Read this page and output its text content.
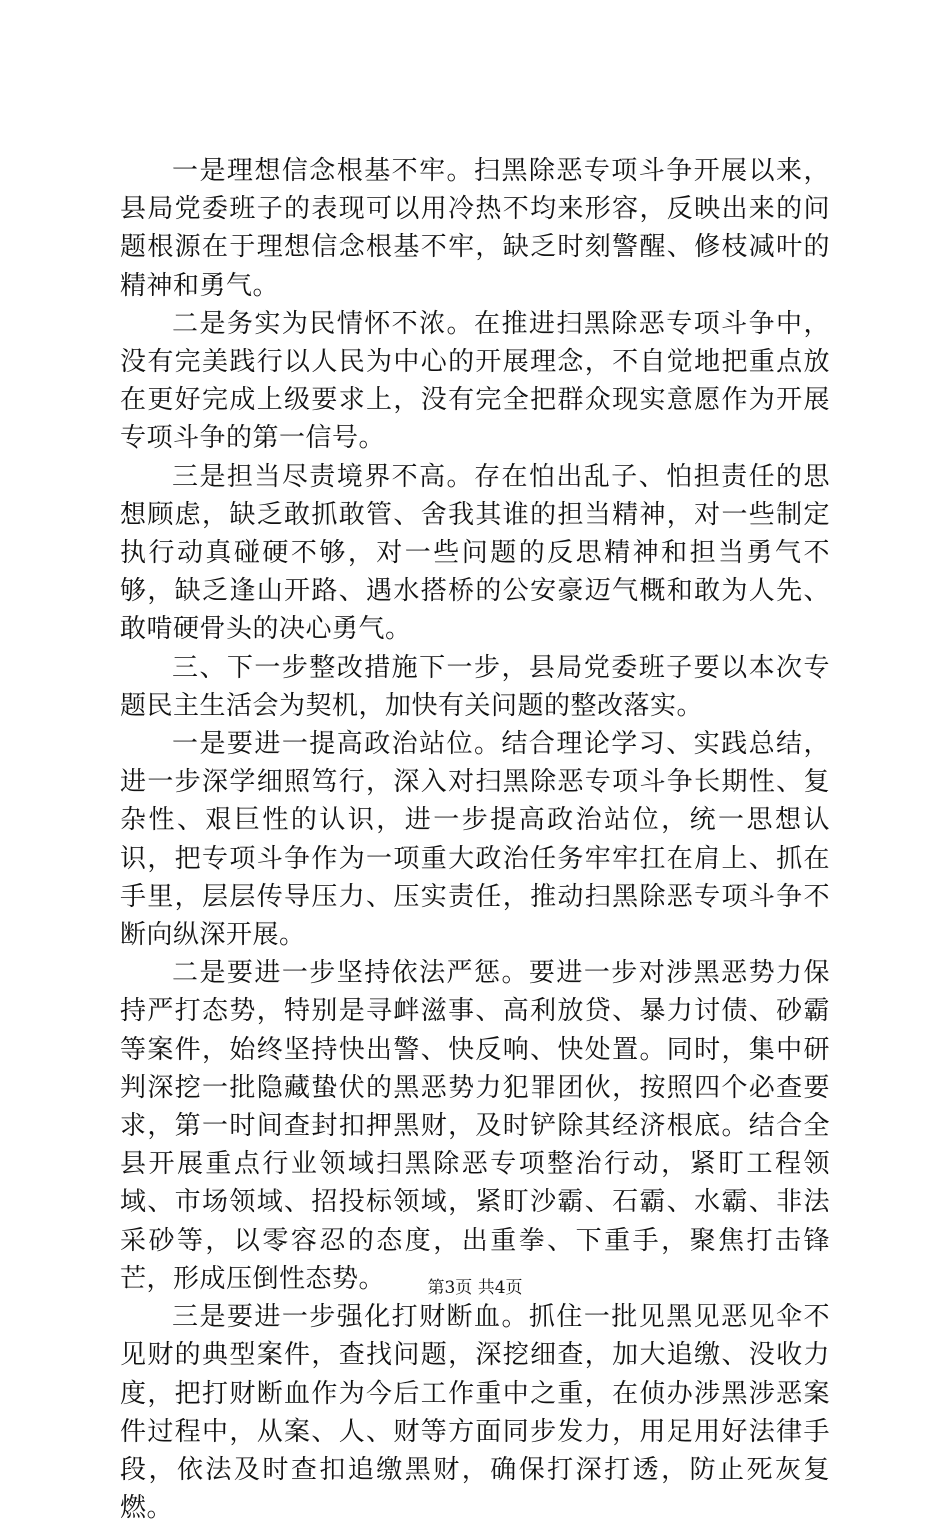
一是理想信念根基不牢。扫黑除恶专项斗争开展以来，县局党委班子的表现可以用冷热不均来形容，反映出来的问题根源在于理想信念根基不牢，缺乏时刻警醒、修枝减叶的精神和勇气。

二是务实为民情怀不浓。在推进扫黑除恶专项斗争中，没有完美践行以人民为中心的开展理念，不自觉地把重点放在更好完成上级要求上，没有完全把群众现实意愿作为开展专项斗争的第一信号。

三是担当尽责境界不高。存在怕出乱子、怕担责任的思想顾虑，缺乏敢抓敢管、舍我其谁的担当精神，对一些制定执行动真碰硬不够，对一些问题的反思精神和担当勇气不够，缺乏逢山开路、遇水搭桥的公安豪迈气概和敢为人先、敢啃硬骨头的决心勇气。

三、下一步整改措施下一步，县局党委班子要以本次专题民主生活会为契机，加快有关问题的整改落实。

一是要进一提高政治站位。结合理论学习、实践总结，进一步深学细照笃行，深入对扫黑除恶专项斗争长期性、复杂性、艰巨性的认识，进一步提高政治站位，统一思想认识，把专项斗争作为一项重大政治任务牢牢扛在肩上、抓在手里，层层传导压力、压实责任，推动扫黑除恶专项斗争不断向纵深开展。

二是要进一步坚持依法严惩。要进一步对涉黑恶势力保持严打态势，特别是寻衅滋事、高利放贷、暴力讨债、砂霸等案件，始终坚持快出警、快反响、快处置。同时，集中研判深挖一批隐藏蛰伏的黑恶势力犯罪团伙，按照四个必查要求，第一时间查封扣押黑财，及时铲除其经济根底。结合全县开展重点行业领域扫黑除恶专项整治行动，紧盯工程领域、市场领域、招投标领域，紧盯沙霸、石霸、水霸、非法采砂等，以零容忍的态度，出重拳、下重手，聚焦打击锋芒，形成压倒性态势。

三是要进一步强化打财断血。抓住一批见黑见恶见伞不见财的典型案件，查找问题，深挖细查，加大追缴、没收力度，把打财断血作为今后工作重中之重，在侦办涉黑涉恶案件过程中，从案、人、财等方面同步发力，用足用好法律手段，依法及时查扣追缴黑财，确保打深打透，防止死灰复燃。

第3页 共4页
